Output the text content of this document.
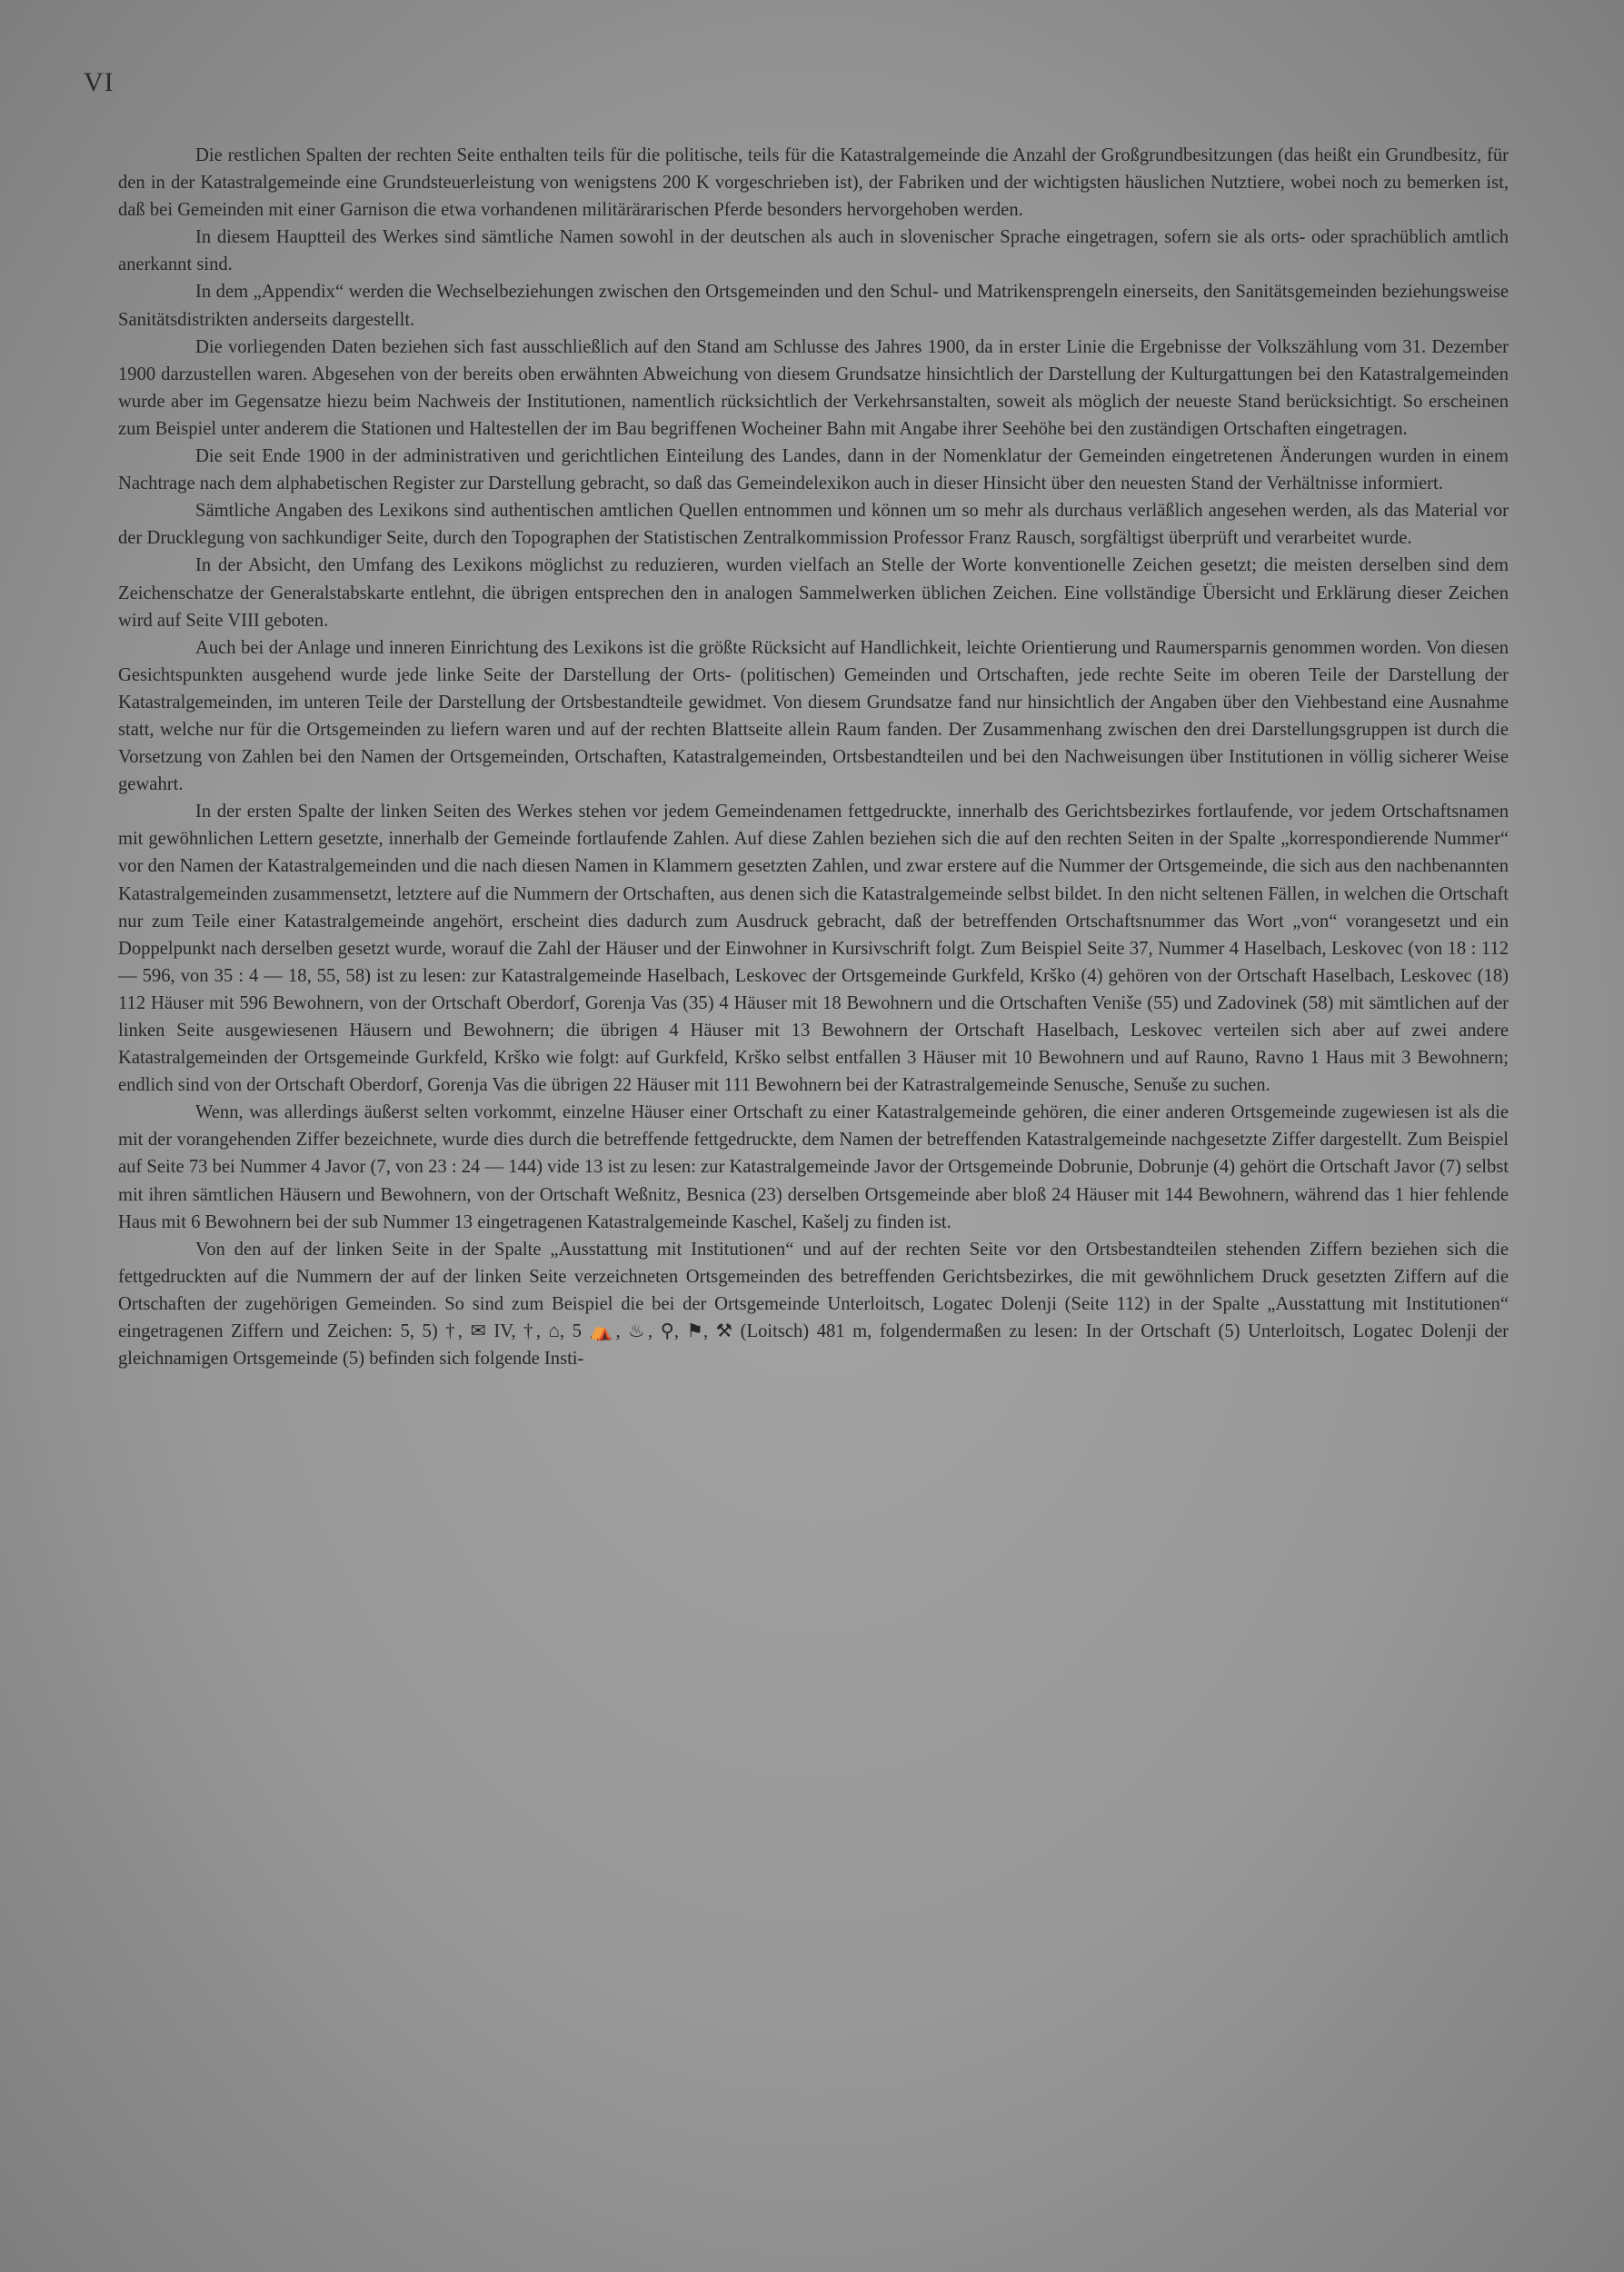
VI

Die restlichen Spalten der rechten Seite enthalten teils für die politische, teils für die Katastralgemeinde die Anzahl der Großgrundbesitzungen (das heißt ein Grundbesitz, für den in der Katastralgemeinde eine Grundsteuerleistung von wenigstens 200 K vorgeschrieben ist), der Fabriken und der wichtigsten häuslichen Nutztiere, wobei noch zu bemerken ist, daß bei Gemeinden mit einer Garnison die etwa vorhandenen militärärarischen Pferde besonders hervorgehoben werden.

In diesem Hauptteil des Werkes sind sämtliche Namen sowohl in der deutschen als auch in slovenischer Sprache eingetragen, sofern sie als orts- oder sprachüblich amtlich anerkannt sind.

In dem „Appendix“ werden die Wechselbeziehungen zwischen den Ortsgemeinden und den Schul- und Matrikensprengeln einerseits, den Sanitätsgemeinden beziehungsweise Sanitätsdistrikten anderseits dargestellt.

Die vorliegenden Daten beziehen sich fast ausschließlich auf den Stand am Schlusse des Jahres 1900, da in erster Linie die Ergebnisse der Volkszählung vom 31. Dezember 1900 darzustellen waren. Abgesehen von der bereits oben erwähnten Abweichung von diesem Grundsatze hinsichtlich der Darstellung der Kulturgattungen bei den Katastralgemeinden wurde aber im Gegensatze hiezu beim Nachweis der Institutionen, namentlich rücksichtlich der Verkehrsanstalten, soweit als möglich der neueste Stand berücksichtigt. So erscheinen zum Beispiel unter anderem die Stationen und Haltestellen der im Bau begriffenen Wocheiner Bahn mit Angabe ihrer Seehöhe bei den zuständigen Ortschaften eingetragen.

Die seit Ende 1900 in der administrativen und gerichtlichen Einteilung des Landes, dann in der Nomenklatur der Gemeinden eingetretenen Änderungen wurden in einem Nachtrage nach dem alphabetischen Register zur Darstellung gebracht, so daß das Gemeindelexikon auch in dieser Hinsicht über den neuesten Stand der Verhältnisse informiert.

Sämtliche Angaben des Lexikons sind authentischen amtlichen Quellen entnommen und können um so mehr als durchaus verläßlich angesehen werden, als das Material vor der Drucklegung von sachkundiger Seite, durch den Topographen der Statistischen Zentralkommission Professor Franz Rausch, sorgfältigst überprüft und verarbeitet wurde.

In der Absicht, den Umfang des Lexikons möglichst zu reduzieren, wurden vielfach an Stelle der Worte konventionelle Zeichen gesetzt; die meisten derselben sind dem Zeichenschatze der Generalstabskarte entlehnt, die übrigen entsprechen den in analogen Sammelwerken üblichen Zeichen. Eine vollständige Übersicht und Erklärung dieser Zeichen wird auf Seite VIII geboten.

Auch bei der Anlage und inneren Einrichtung des Lexikons ist die größte Rücksicht auf Handlichkeit, leichte Orientierung und Raumersparnis genommen worden. Von diesen Gesichtspunkten ausgehend wurde jede linke Seite der Darstellung der Orts- (politischen) Gemeinden und Ortschaften, jede rechte Seite im oberen Teile der Darstellung der Katastralgemeinden, im unteren Teile der Darstellung der Ortsbestandteile gewidmet. Von diesem Grundsatze fand nur hinsichtlich der Angaben über den Viehbestand eine Ausnahme statt, welche nur für die Ortsgemeinden zu liefern waren und auf der rechten Blattseite allein Raum fanden. Der Zusammenhang zwischen den drei Darstellungsgruppen ist durch die Vorsetzung von Zahlen bei den Namen der Ortsgemeinden, Ortschaften, Katastralgemeinden, Ortsbestandteilen und bei den Nachweisungen über Institutionen in völlig sicherer Weise gewahrt.

In der ersten Spalte der linken Seiten des Werkes stehen vor jedem Gemeindenamen fettgedruckte, innerhalb des Gerichtsbezirkes fortlaufende, vor jedem Ortschaftsnamen mit gewöhnlichen Lettern gesetzte, innerhalb der Gemeinde fortlaufende Zahlen. Auf diese Zahlen beziehen sich die auf den rechten Seiten in der Spalte „korrespondierende Nummer“ vor den Namen der Katastralgemeinden und die nach diesen Namen in Klammern gesetzten Zahlen, und zwar erstere auf die Nummer der Ortsgemeinde, die sich aus den nachbenannten Katastralgemeinden zusammensetzt, letztere auf die Nummern der Ortschaften, aus denen sich die Katastralgemeinde selbst bildet. In den nicht seltenen Fällen, in welchen die Ortschaft nur zum Teile einer Katastralgemeinde angehört, erscheint dies dadurch zum Ausdruck gebracht, daß der betreffenden Ortschaftsnummer das Wort „von“ vorangesetzt und ein Doppelpunkt nach derselben gesetzt wurde, worauf die Zahl der Häuser und der Einwohner in Kursivschrift folgt. Zum Beispiel Seite 37, Nummer 4 Haselbach, Leskovec (von 18 : 112 — 596, von 35 : 4 — 18, 55, 58) ist zu lesen: zur Katastralgemeinde Haselbach, Leskovec der Ortsgemeinde Gurkfeld, Krško (4) gehören von der Ortschaft Haselbach, Leskovec (18) 112 Häuser mit 596 Bewohnern, von der Ortschaft Oberdorf, Gorenja Vas (35) 4 Häuser mit 18 Bewohnern und die Ortschaften Veniše (55) und Zadovinek (58) mit sämtlichen auf der linken Seite ausgewiesenen Häusern und Bewohnern; die übrigen 4 Häuser mit 13 Bewohnern der Ortschaft Haselbach, Leskovec verteilen sich aber auf zwei andere Katastralgemeinden der Ortsgemeinde Gurkfeld, Krško wie folgt: auf Gurkfeld, Krško selbst entfallen 3 Häuser mit 10 Bewohnern und auf Rauno, Ravno 1 Haus mit 3 Bewohnern; endlich sind von der Ortschaft Oberdorf, Gorenja Vas die übrigen 22 Häuser mit 111 Bewohnern bei der Katrastralgemeinde Senusche, Senuše zu suchen.

Wenn, was allerdings äußerst selten vorkommt, einzelne Häuser einer Ortschaft zu einer Katastralgemeinde gehören, die einer anderen Ortsgemeinde zugewiesen ist als die mit der vorangehenden Ziffer bezeichnete, wurde dies durch die betreffende fettgedruckte, dem Namen der betreffenden Katastralgemeinde nachgesetzte Ziffer dargestellt. Zum Beispiel auf Seite 73 bei Nummer 4 Javor (7, von 23 : 24 — 144) vide 13 ist zu lesen: zur Katastralgemeinde Javor der Ortsgemeinde Dobrunie, Dobrunje (4) gehört die Ortschaft Javor (7) selbst mit ihren sämtlichen Häusern und Bewohnern, von der Ortschaft Weßnitz, Besnica (23) derselben Ortsgemeinde aber bloß 24 Häuser mit 144 Bewohnern, während das 1 hier fehlende Haus mit 6 Bewohnern bei der sub Nummer 13 eingetragenen Katastralgemeinde Kaschel, Kašelj zu finden ist.

Von den auf der linken Seite in der Spalte „Ausstattung mit Institutionen“ und auf der rechten Seite vor den Ortsbestandteilen stehenden Ziffern beziehen sich die fettgedruckten auf die Nummern der auf der linken Seite verzeichneten Ortsgemeinden des betreffenden Gerichtsbezirkes, die mit gewöhnlichem Druck gesetzten Ziffern auf die Ortschaften der zugehörigen Gemeinden. So sind zum Beispiel die bei der Ortsgemeinde Unterloitsch, Logatec Dolenji (Seite 112) in der Spalte „Ausstattung mit Institutionen“ eingetragenen Ziffern und Zeichen: 5, 5) †, ✉ IV, †, ⌂, 5 ⛺, ♨, ⚲, ⚑, ⚒ (Loitsch) 481 m, folgendermaßen zu lesen: In der Ortschaft (5) Unterloitsch, Logatec Dolenji der gleichnamigen Ortsgemeinde (5) befinden sich folgende Insti-
